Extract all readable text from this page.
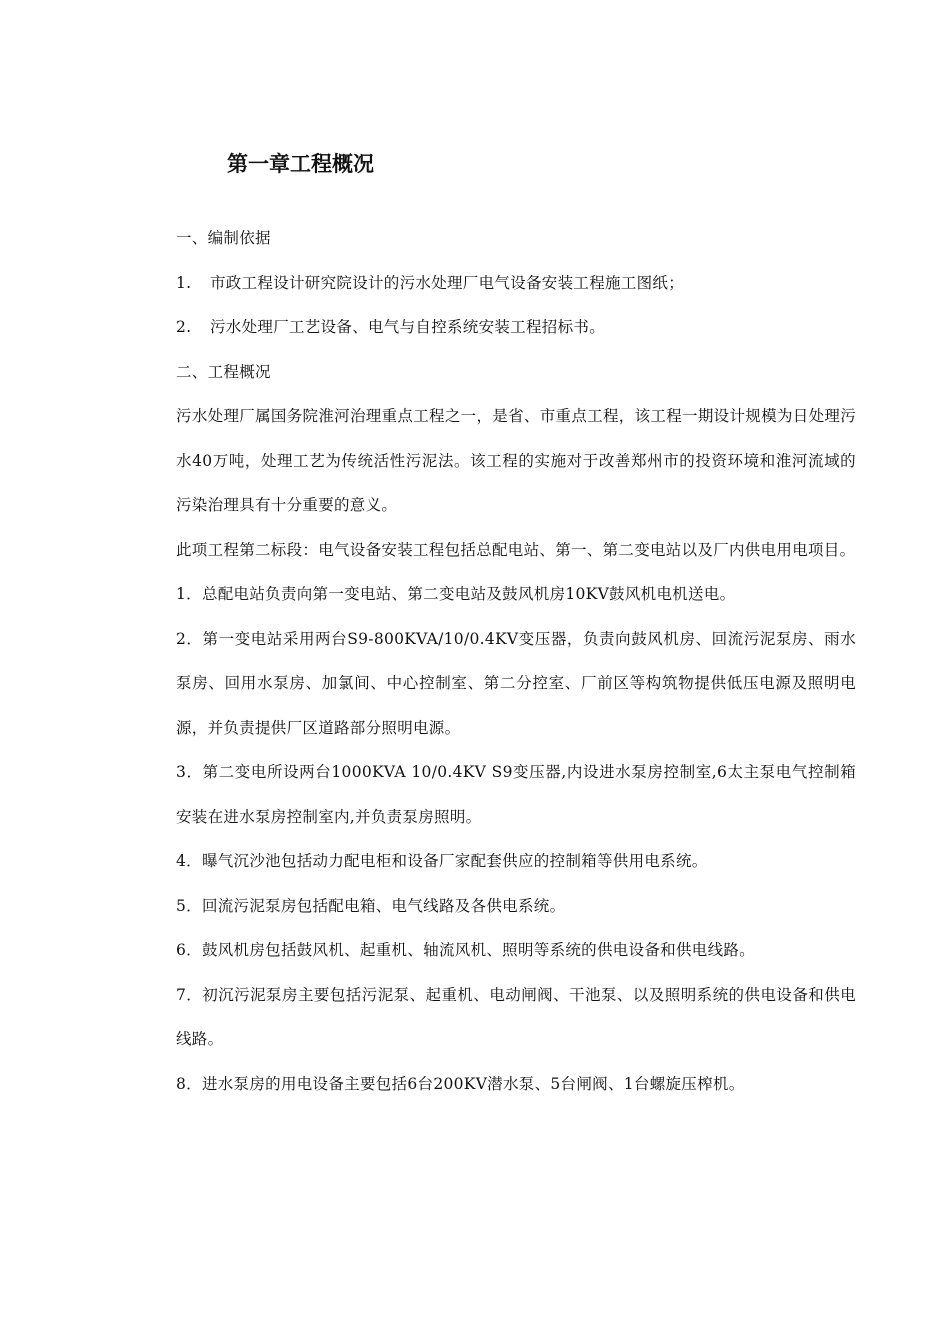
第一章工程概况

一、编制依据

1. 市政工程设计研究院设计的污水处理厂电气设备安装工程施工图纸；

2. 污水处理厂工艺设备、电气与自控系统安装工程招标书。

二、工程概况

污水处理厂属国务院淮河治理重点工程之一，是省、市重点工程，该工程一期设计规模为日处理污水40万吨，处理工艺为传统活性污泥法。该工程的实施对于改善郑州市的投资环境和淮河流域的污染治理具有十分重要的意义。

此项工程第二标段：电气设备安装工程包括总配电站、第一、第二变电站以及厂内供电用电项目。

1．总配电站负责向第一变电站、第二变电站及鼓风机房10KV鼓风机电机送电。

2．第一变电站采用两台S9-800KVA/10/0.4KV变压器，负责向鼓风机房、回流污泥泵房、雨水泵房、回用水泵房、加氯间、中心控制室、第二分控室、厂前区等构筑物提供低压电源及照明电源，并负责提供厂区道路部分照明电源。

3．第二变电所设两台1000KVA 10/0.4KV S9变压器,内设进水泵房控制室,6太主泵电气控制箱安装在进水泵房控制室内,并负责泵房照明。

4．曝气沉沙池包括动力配电柜和设备厂家配套供应的控制箱等供用电系统。

5．回流污泥泵房包括配电箱、电气线路及各供电系统。

6．鼓风机房包括鼓风机、起重机、轴流风机、照明等系统的供电设备和供电线路。

7．初沉污泥泵房主要包括污泥泵、起重机、电动闸阀、干池泵、以及照明系统的供电设备和供电线路。

8．进水泵房的用电设备主要包括6台200KV潜水泵、5台闸阀、1台螺旋压榨机。
